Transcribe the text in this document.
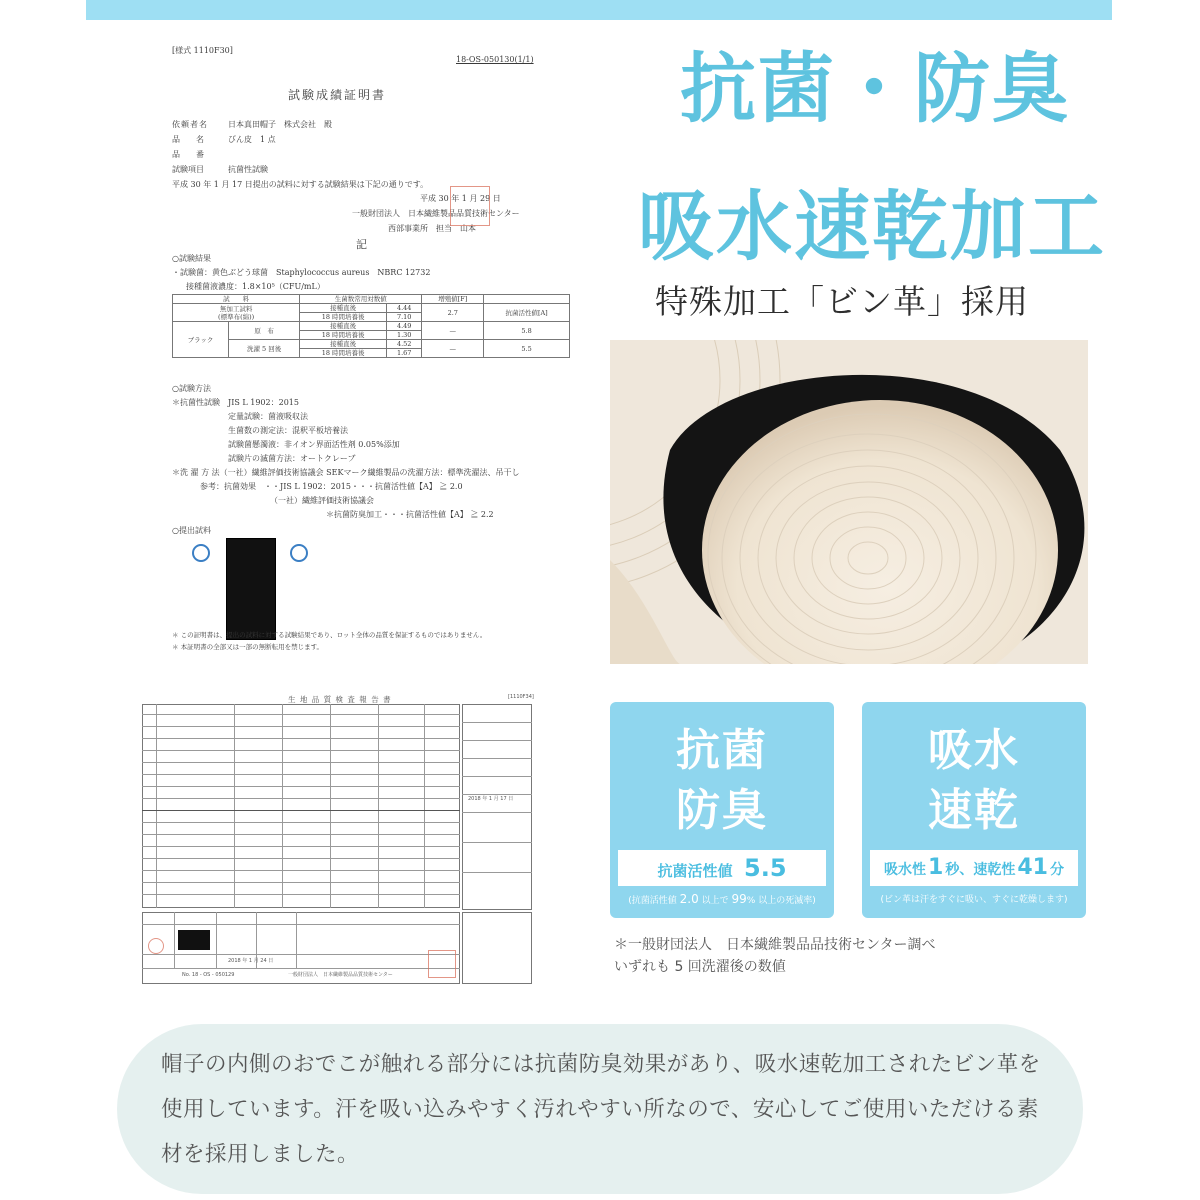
[様式 1110F30]
18-OS-050130(1/1)
試験成績証明書
依頼者名	日本真田帽子　株式会社　殿
品　　名	びん皮　1 点
品　　番
試験項目	抗菌性試験
平成 30 年 1 月 17 日提出の試料に対する試験結果は下記の通りです。
平成 30 年 1 月 29 日
一般財団法人　日本繊維製品品質技術センター
西部事業所　担当　山本
記
○試験結果
・試験菌：黄色ぶどう球菌　Staphylococcus aureus　NBRC 12732
接種菌液濃度：1.8×10⁵（CFU/mL）
試　　料		生菌数常用対数値		増殖値[F]	
無加工試料
(標準布(綿))		接種直後	4.44	2.7	抗菌活性値[A]
		18 時間培養後	7.10		
ブラック	原　布	接種直後	4.49	—	5.8
		18 時間培養後	1.30		
	洗濯 5 回後	接種直後	4.52	—	5.5
		18 時間培養後	1.67		
○試験方法
＊抗菌性試験　JIS L 1902：2015
定量試験：菌液吸収法
生菌数の測定法：混釈平板培養法
試験菌懸濁液：非イオン界面活性剤 0.05%添加
試験片の滅菌方法：オートクレーブ
＊洗 濯 方 法（一社）繊維評価技術協議会 SEKマーク繊維製品の洗濯方法：標準洗濯法、吊干し
参考：抗菌効果　・・JIS L 1902：2015・・・抗菌活性値【A】 ≧ 2.0
（一社）繊維評価技術協議会
＊抗菌防臭加工・・・抗菌活性値【A】 ≧ 2.2
○提出試料
＊ この証明書は、提出の試料に対する試験結果であり、ロット全体の品質を保証するものではありません。
＊ 本証明書の全部又は一部の無断転用を禁じます。
生 地 品 質 検 査 報 告 書	[1110F34]
2018 年 1 月 24 日
No. 18 - OS - 050129	一般財団法人　日本繊維製品品質技術センター
2018 年 1 月 17 日
抗菌・防臭
吸水速乾加工
特殊加工「ビン革」採用
抗菌
防臭
抗菌活性値 5.5
(抗菌活性値 2.0 以上で 99% 以上の死滅率)
吸水
速乾
吸水性1 秒、速乾性41 分
(ビン革は汗をすぐに吸い、すぐに乾燥します)
＊一般財団法人　日本繊維製品品技術センター調べ
いずれも 5 回洗濯後の数値
帽子の内側のおでこが触れる部分には抗菌防臭効果があり、吸水速乾加工されたビン革を使用しています。汗を吸い込みやすく汚れやすい所なので、安心してご使用いただける素材を採用しました。
